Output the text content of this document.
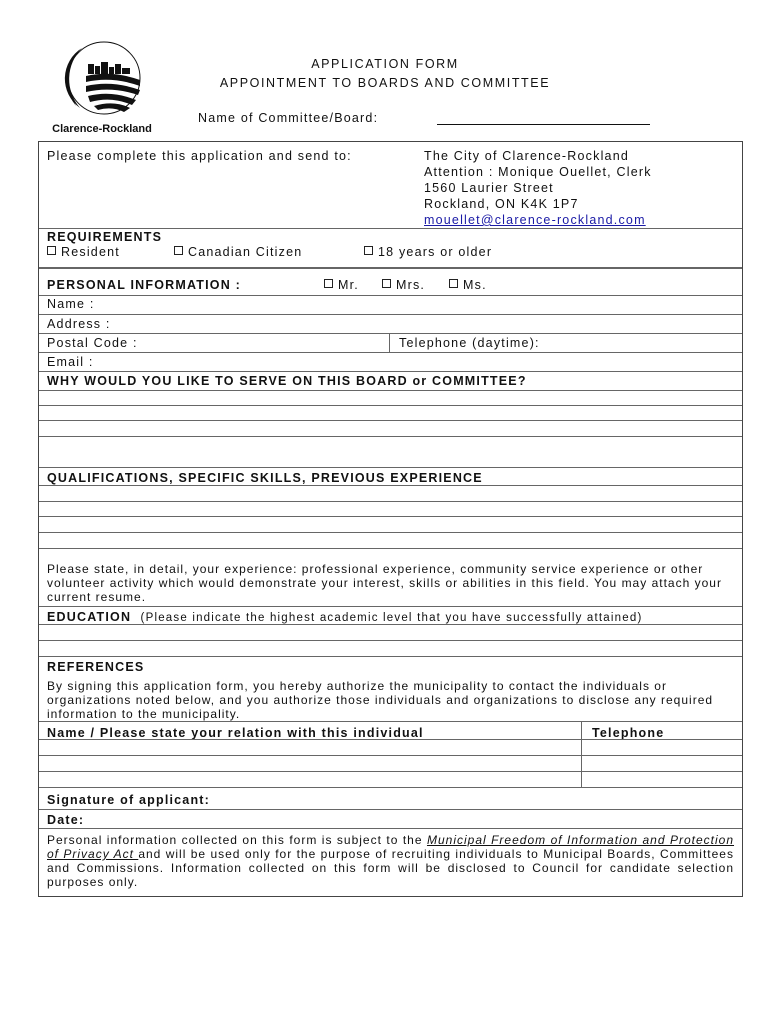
Clarence-Rockland
APPLICATION FORM
APPOINTMENT TO BOARDS AND COMMITTEE
Name of Committee/Board:
Please complete this application and send to:	The City of Clarence-Rockland
Attention : Monique Ouellet, Clerk
1560 Laurier Street
Rockland, ON K4K 1P7
mouellet@clarence-rockland.com
REQUIREMENTS
Resident	Canadian Citizen	18 years or older
PERSONAL INFORMATION :	Mr.	Mrs.	Ms.
Name :
Address :
Postal Code :	Telephone (daytime):
Email :
WHY WOULD YOU LIKE TO SERVE ON THIS BOARD or COMMITTEE?
QUALIFICATIONS, SPECIFIC SKILLS, PREVIOUS EXPERIENCE
Please state, in detail, your experience: professional experience, community service experience or other volunteer activity which would demonstrate your interest, skills or abilities in this field. You may attach your current resume.
EDUCATION (Please indicate the highest academic level that you have successfully attained)
REFERENCES
By signing this application form, you hereby authorize the municipality to contact the individuals or organizations noted below, and you authorize those individuals and organizations to disclose any required information to the municipality.
Name / Please state your relation with this individual	Telephone
Signature of applicant:
Date:
Personal information collected on this form is subject to the Municipal Freedom of Information and Protection of Privacy Act and will be used only for the purpose of recruiting individuals to Municipal Boards, Committees and Commissions. Information collected on this form will be disclosed to Council for candidate selection purposes only.
